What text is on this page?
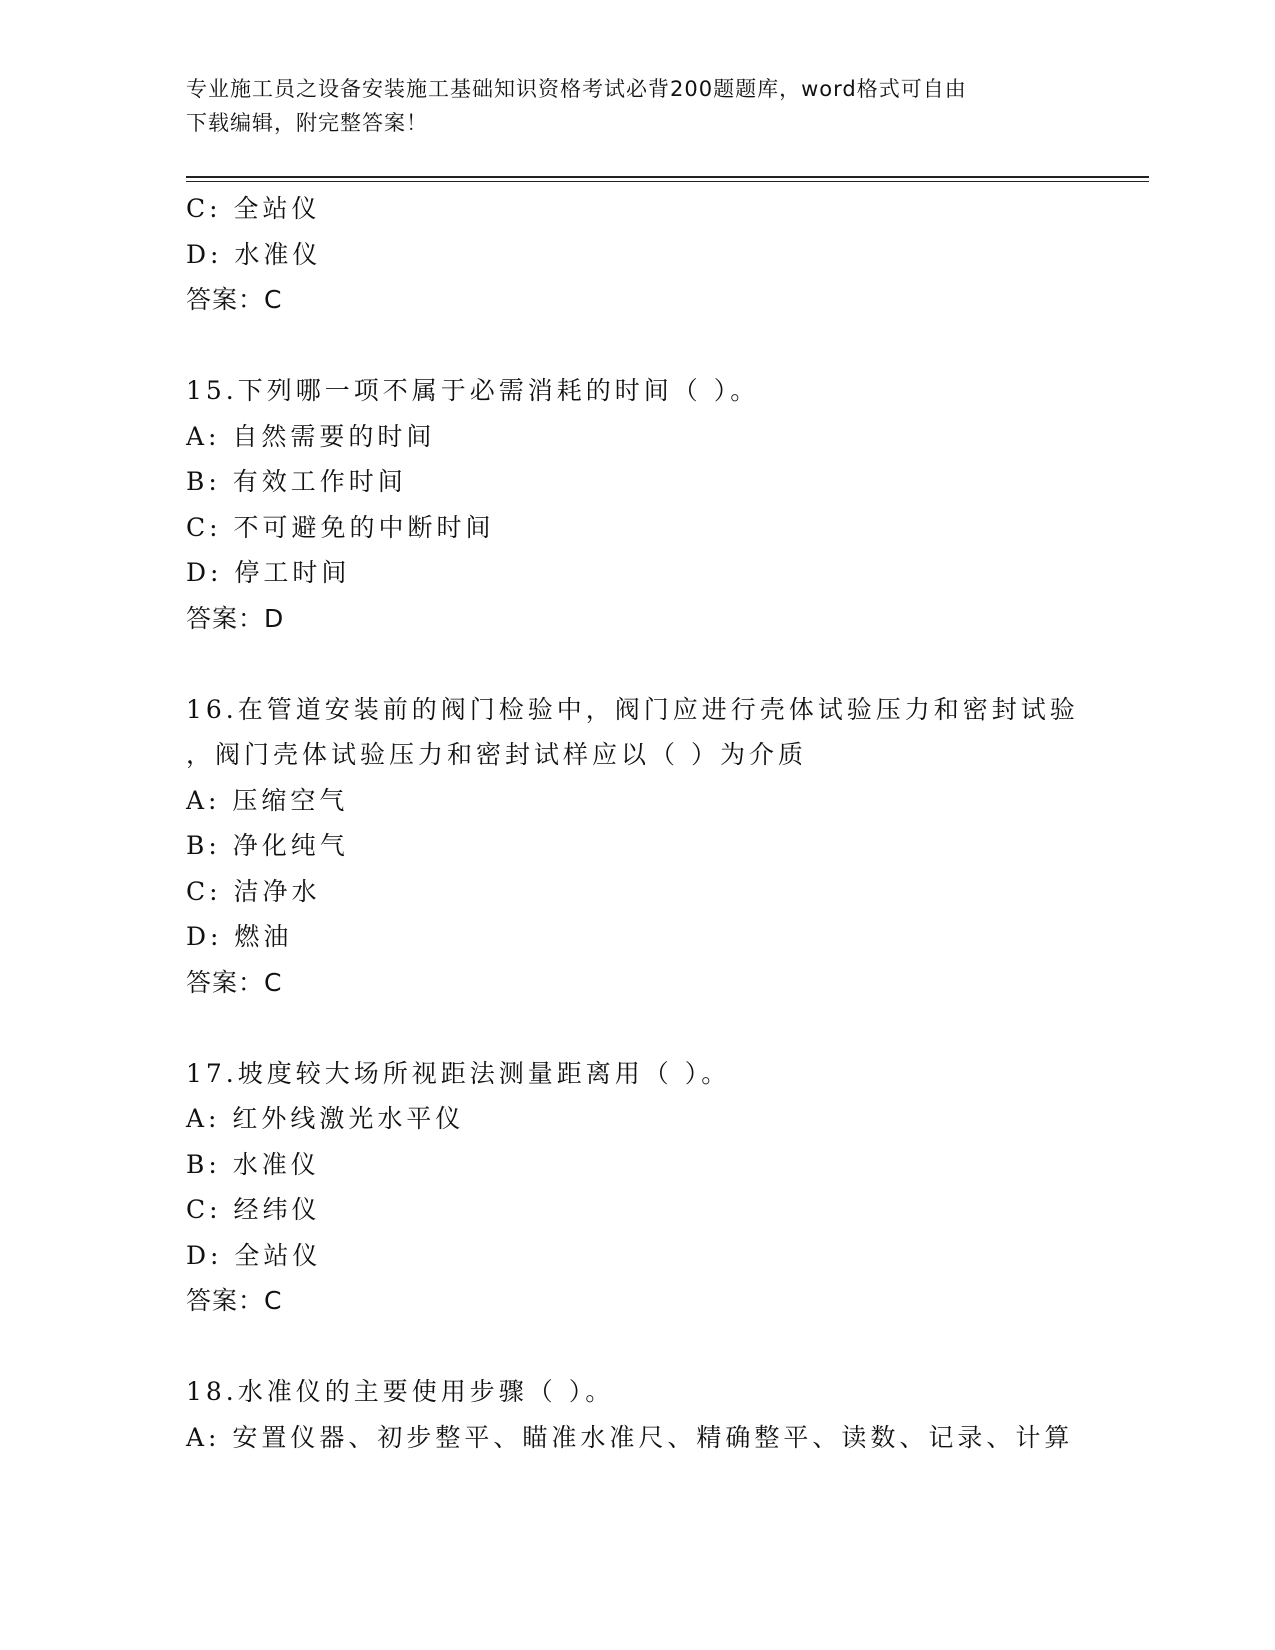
专业施工员之设备安装施工基础知识资格考试必背200题题库，word格式可自由
下载编辑，附完整答案！
C: 全站仪
D: 水准仪
答案：C
15.下列哪一项不属于必需消耗的时间（ ）。
A: 自然需要的时间
B: 有效工作时间
C: 不可避免的中断时间
D: 停工时间
答案：D
16.在管道安装前的阀门检验中，阀门应进行壳体试验压力和密封试验
，阀门壳体试验压力和密封试样应以（ ）为介质
A: 压缩空气
B: 净化纯气
C: 洁净水
D: 燃油
答案：C
17.坡度较大场所视距法测量距离用（ ）。
A: 红外线激光水平仪
B: 水准仪
C: 经纬仪
D: 全站仪
答案：C
18.水准仪的主要使用步骤（ ）。
A: 安置仪器、初步整平、瞄准水准尺、精确整平、读数、记录、计算
